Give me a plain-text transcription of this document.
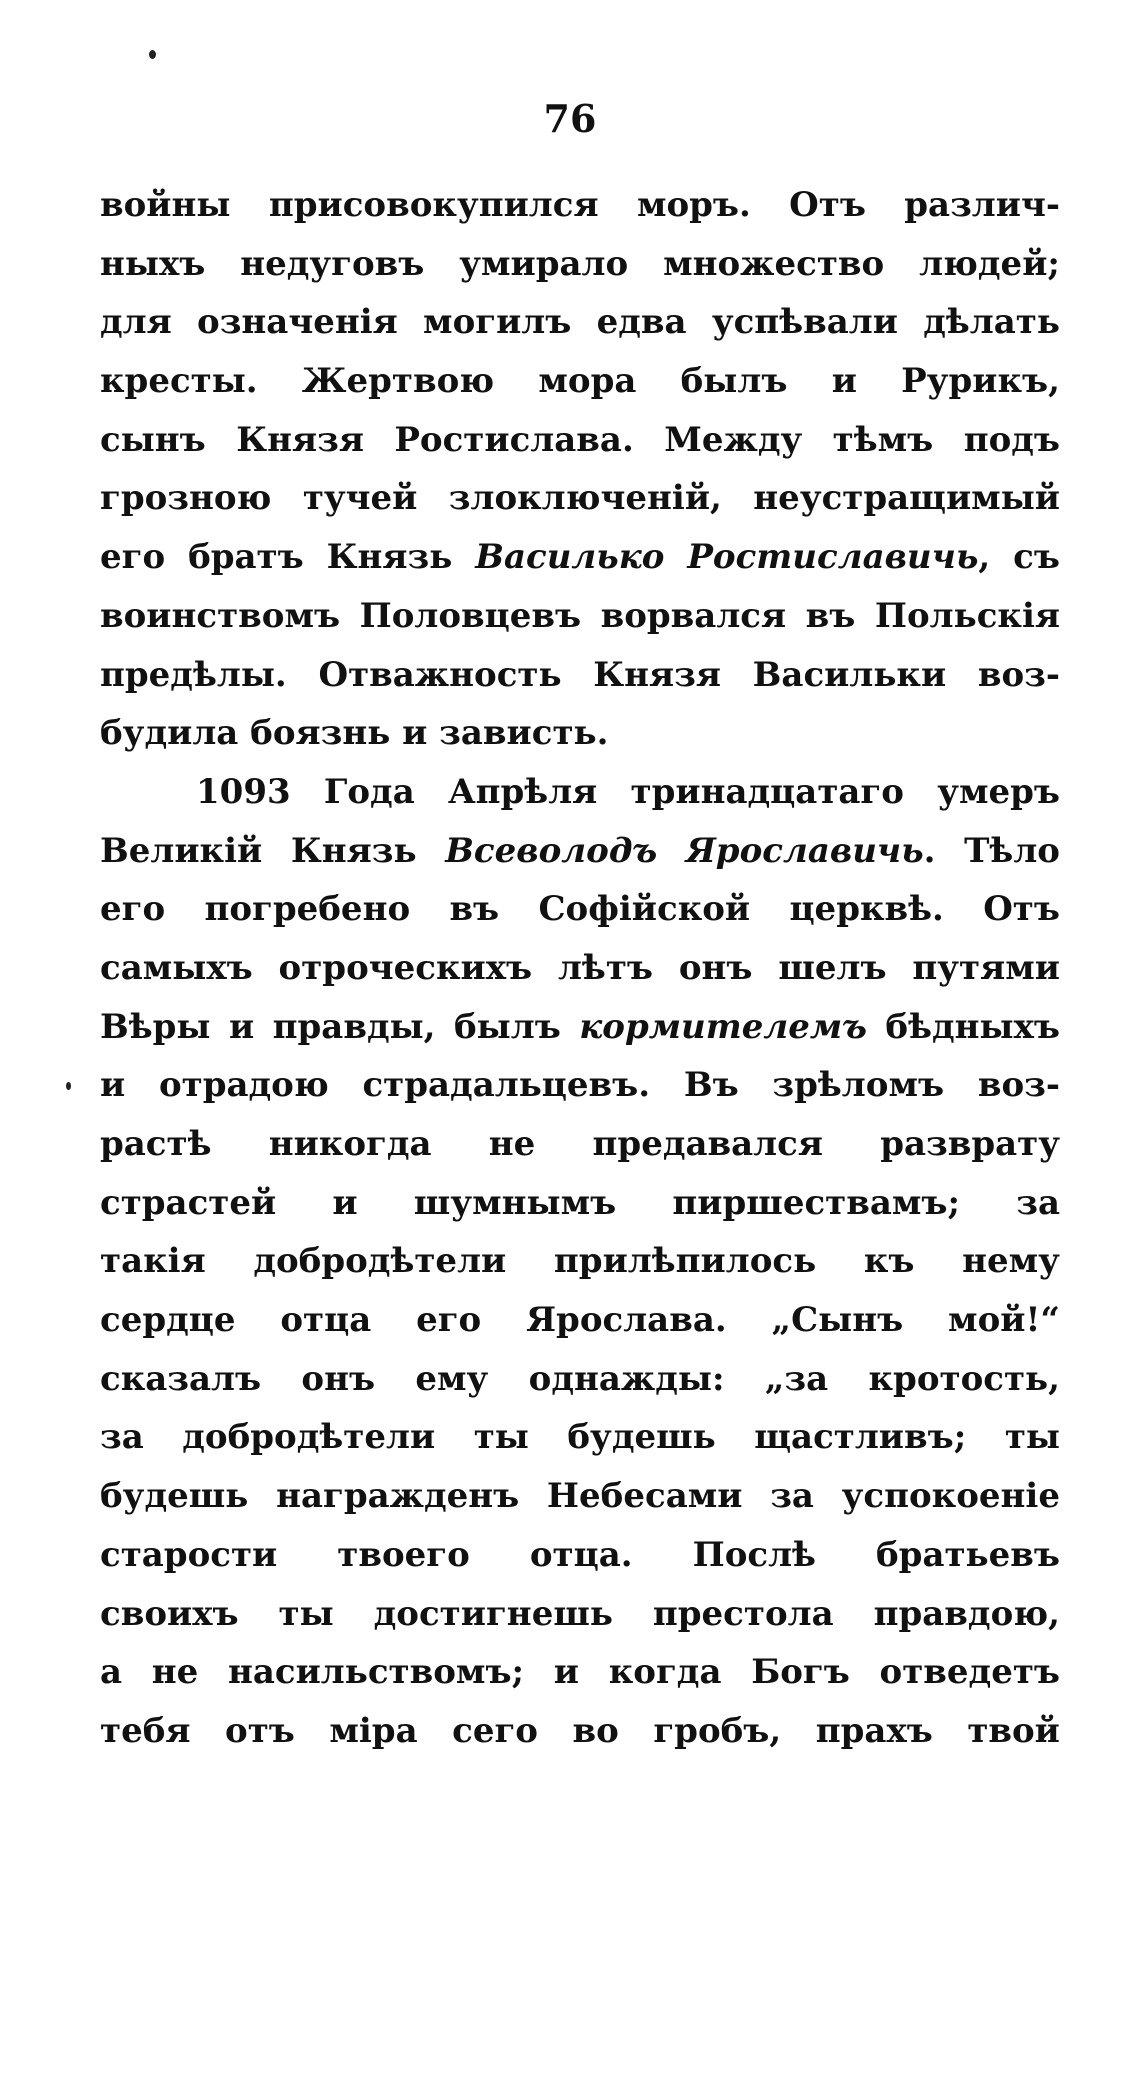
76
войны присовокупился моръ. Отъ различ-
ныхъ недуговъ умирало множество людей;
для означенія могилъ едва успѣвали дѣлать
кресты. Жертвою мора былъ и Рурикъ,
сынъ Князя Ростислава. Между тѣмъ подъ
грозною тучей злоключеній, неустращимый
его братъ Князь Василько Ростиславичь, съ
воинствомъ Половцевъ ворвался въ Польскія
предѣлы. Отважность Князя Васильки воз-
будила боязнь и зависть.
1093 Года Апрѣля тринадцатаго умеръ
Великій Князь Всеволодъ Ярославичь. Тѣло
его погребено въ Софійской церквѣ. Отъ
самыхъ отроческихъ лѣтъ онъ шелъ путями
Вѣры и правды, былъ кормителемъ бѣдныхъ
и отрадою страдальцевъ. Въ зрѣломъ воз-
растѣ никогда не предавался разврату
страстей и шумнымъ пиршествамъ; за
такія добродѣтели прилѣпилось къ нему
сердце отца его Ярослава. „Сынъ мой!“
сказалъ онъ ему однажды: „за кротость,
за добродѣтели ты будешь щастливъ; ты
будешь награжденъ Небесами за успокоеніе
старости твоего отца. Послѣ братьевъ
своихъ ты достигнешь престола правдою,
а не насильствомъ; и когда Богъ отведетъ
тебя отъ міра сего во гробъ, прахъ твой
